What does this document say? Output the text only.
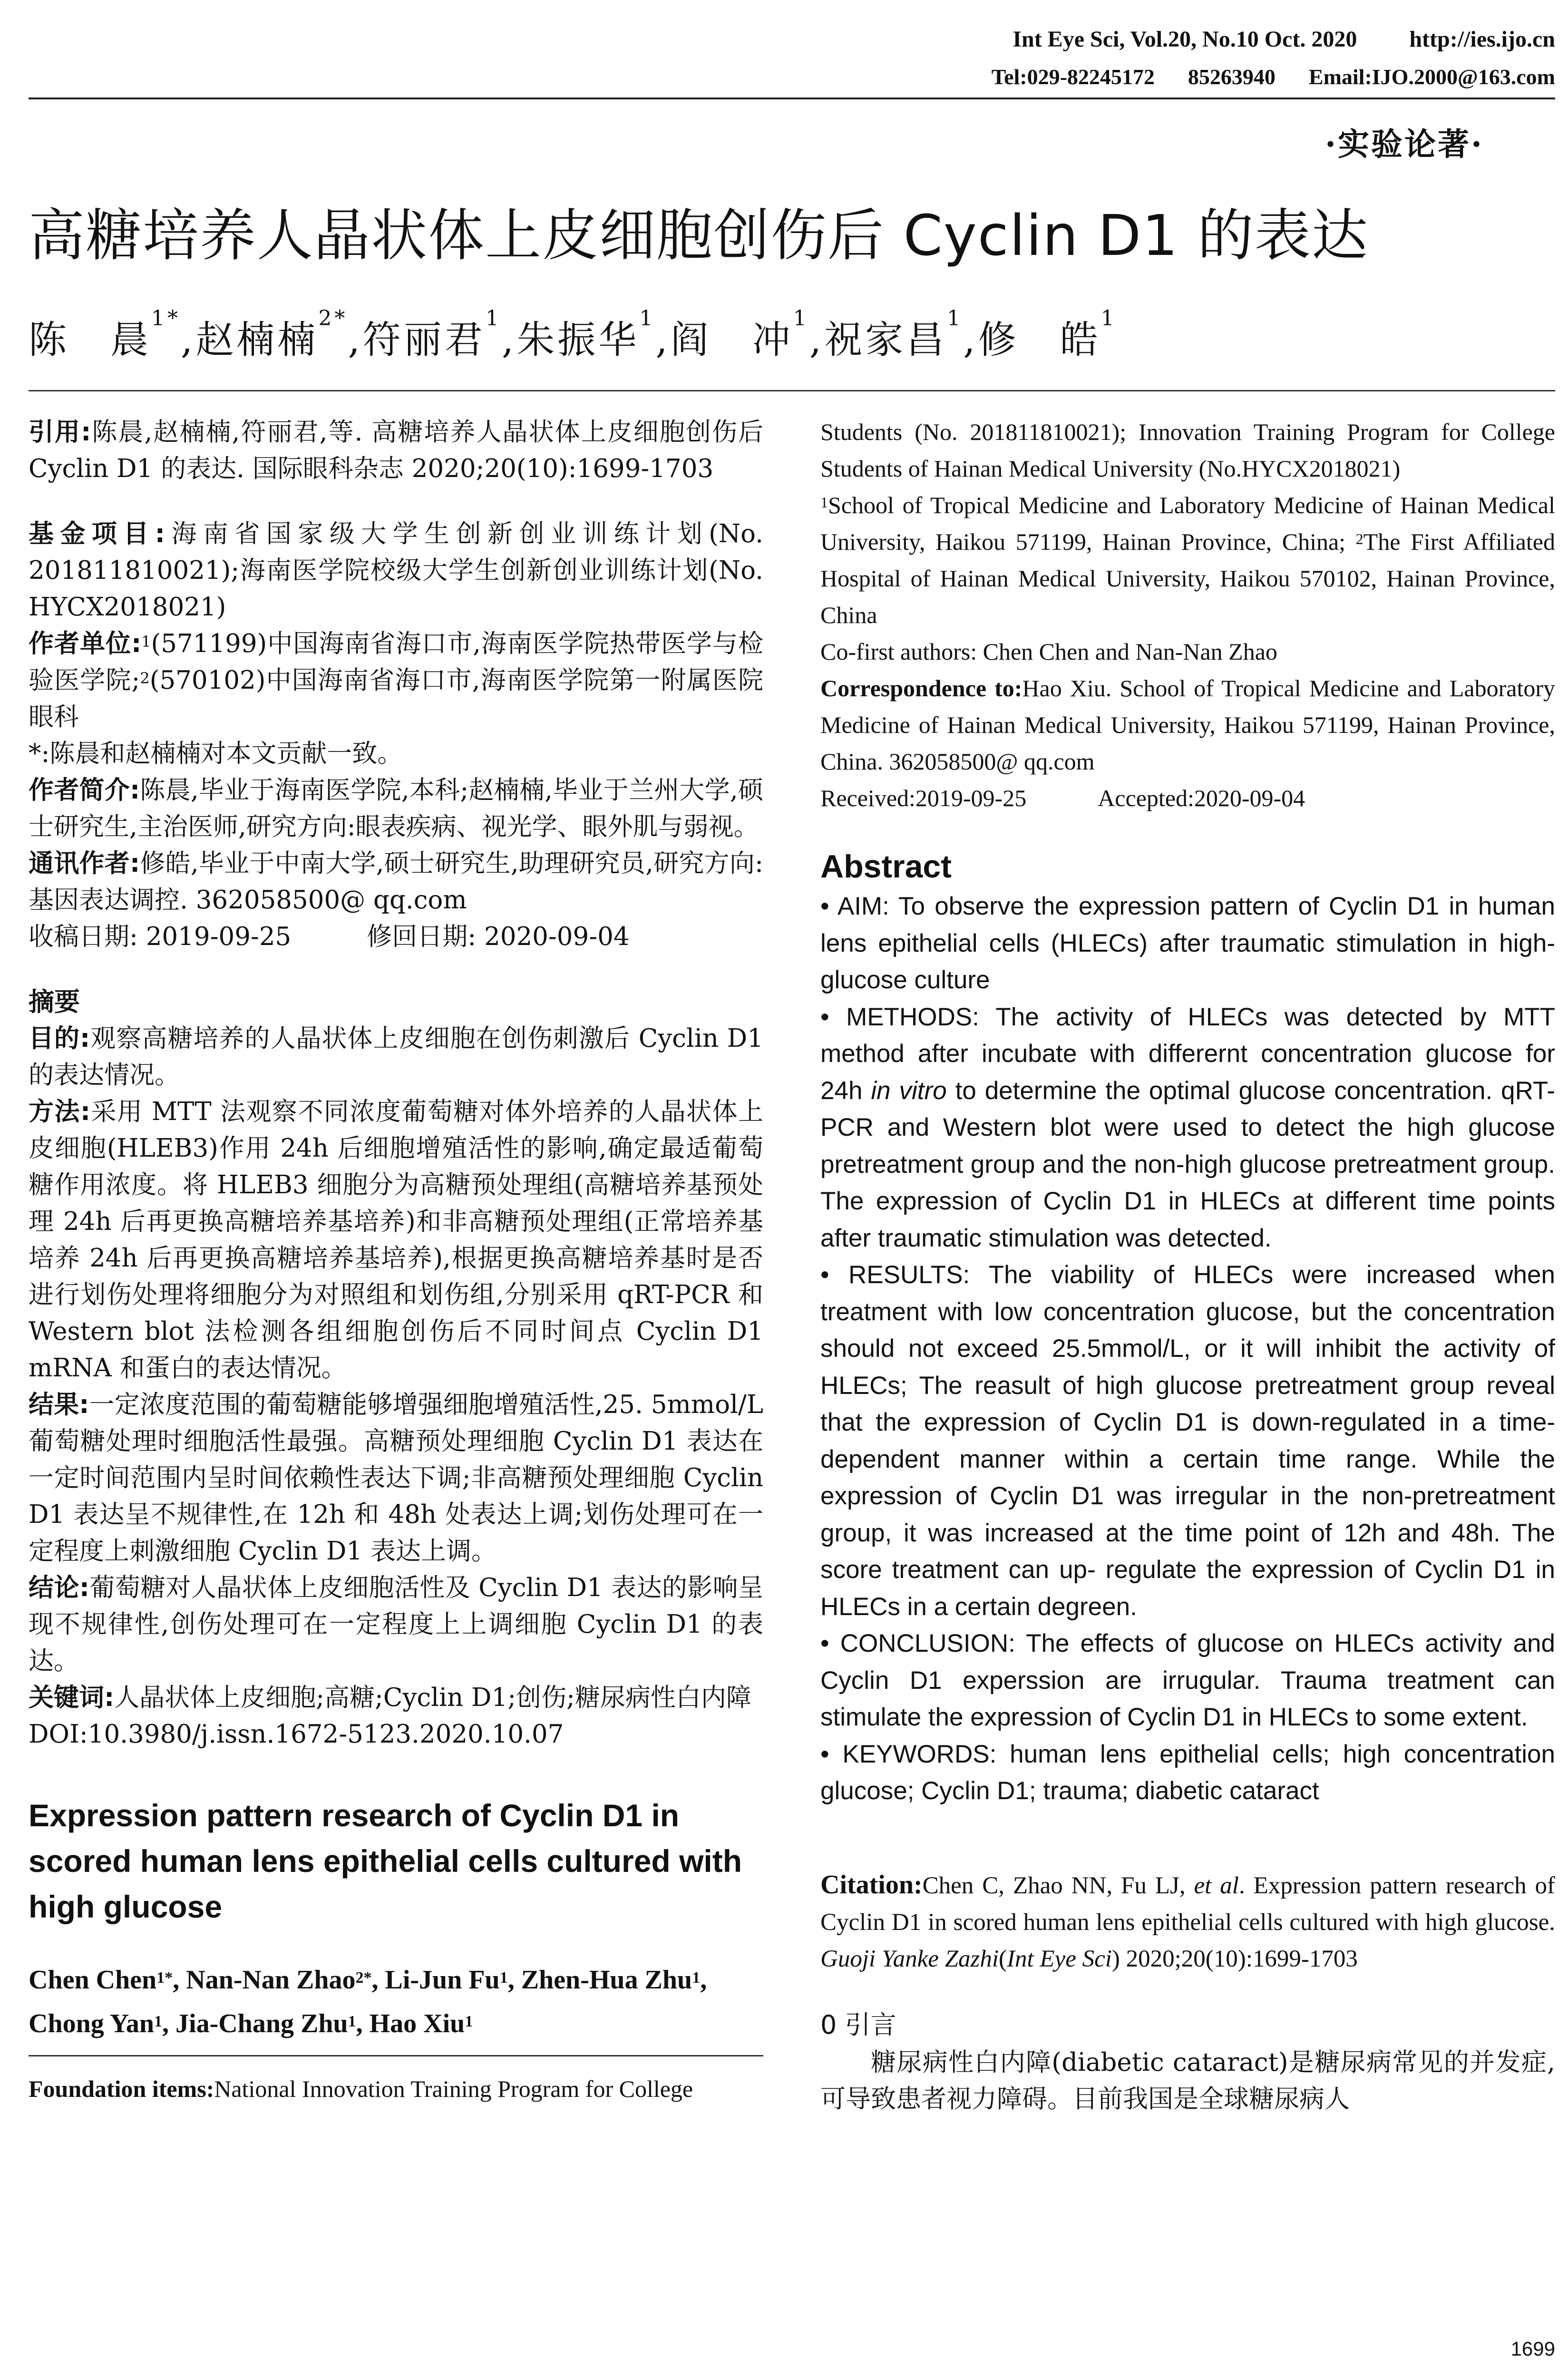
Int Eye Sci, Vol.20, No.10 Oct. 2020 http://ies.ijo.cn
Tel:029-82245172 85263940 Email:IJO.2000@163.com
·实验论著·
高糖培养人晶状体上皮细胞创伤后 Cyclin D1 的表达
陈　晨$^{1*}$,赵楠楠$^{2*}$,符丽君$^1$,朱振华$^1$,阎　冲$^1$,祝家昌$^1$,修　皓$^1$

引用:陈晨,赵楠楠,符丽君,等. 高糖培养人晶状体上皮细胞创伤后 Cyclin D1 的表达. 国际眼科杂志 2020;20(10):1699-1703

基金项目:海南省国家级大学生创新创业训练计划(No. 201811810021);海南医学院校级大学生创新创业训练计划(No. HYCX2018021)

作者单位:$^1$(571199)中国海南省海口市,海南医学院热带医学与检验医学院;$^2$(570102)中国海南省海口市,海南医学院第一附属医院眼科

*:陈晨和赵楠楠对本文贡献一致。

作者简介:陈晨,毕业于海南医学院,本科;赵楠楠,毕业于兰州大学,硕士研究生,主治医师,研究方向:眼表疾病、视光学、眼外肌与弱视。

通讯作者:修皓,毕业于中南大学,硕士研究生,助理研究员,研究方向:基因表达调控. 362058500@ qq.com

收稿日期: 2019-09-25　　　	修回日期: 2020-09-04

摘要

目的:观察高糖培养的人晶状体上皮细胞在创伤刺激后 Cyclin D1 的表达情况。

方法:采用 MTT 法观察不同浓度葡萄糖对体外培养的人晶状体上皮细胞(HLEB3)作用 24h 后细胞增殖活性的影响,确定最适葡萄糖作用浓度。将 HLEB3 细胞分为高糖预处理组(高糖培养基预处理 24h 后再更换高糖培养基培养)和非高糖预处理组(正常培养基培养 24h 后再更换高糖培养基培养),根据更换高糖培养基时是否进行划伤处理将细胞分为对照组和划伤组,分别采用 qRT-PCR 和 Western blot 法检测各组细胞创伤后不同时间点 Cyclin D1 mRNA 和蛋白的表达情况。

结果:一定浓度范围的葡萄糖能够增强细胞增殖活性,25. 5mmol/L 葡萄糖处理时细胞活性最强。高糖预处理细胞 Cyclin D1 表达在一定时间范围内呈时间依赖性表达下调;非高糖预处理细胞 Cyclin D1 表达呈不规律性,在 12h 和 48h 处表达上调;划伤处理可在一定程度上刺激细胞 Cyclin D1 表达上调。

结论:葡萄糖对人晶状体上皮细胞活性及 Cyclin D1 表达的影响呈现不规律性,创伤处理可在一定程度上上调细胞 Cyclin D1 的表达。

关键词:人晶状体上皮细胞;高糖;Cyclin D1;创伤;糖尿病性白内障

DOI:10.3980/j.issn.1672-5123.2020.10.07

Expression pattern research of Cyclin D1 in scored human lens epithelial cells cultured with high glucose

Chen Chen$^{1*}$, Nan-Nan Zhao$^{2*}$, Li-Jun Fu$^1$, Zhen-Hua Zhu$^1$, Chong Yan$^1$, Jia-Chang Zhu$^1$, Hao Xiu$^1$

Foundation items:National Innovation Training Program for College

Students (No. 201811810021); Innovation Training Program for College Students of Hainan Medical University (No.HYCX2018021)

$^1$School of Tropical Medicine and Laboratory Medicine of Hainan Medical University, Haikou 571199, Hainan Province, China; $^2$The First Affiliated Hospital of Hainan Medical University, Haikou 570102, Hainan Province, China

Co-first authors: Chen Chen and Nan-Nan Zhao

Correspondence to:Hao Xiu. School of Tropical Medicine and Laboratory Medicine of Hainan Medical University, Haikou 571199, Hainan Province, China. 362058500@ qq.com

Received:2019-09-25　　　	Accepted:2020-09-04

Abstract

• AIM: To observe the expression pattern of Cyclin D1 in human lens epithelial cells (HLECs) after traumatic stimulation in high-glucose culture

• METHODS: The activity of HLECs was detected by MTT method after incubate with differernt concentration glucose for 24h in vitro to determine the optimal glucose concentration. qRT-PCR and Western blot were used to detect the high glucose pretreatment group and the non-high glucose pretreatment group. The expression of Cyclin D1 in HLECs at different time points after traumatic stimulation was detected.

• RESULTS: The viability of HLECs were increased when treatment with low concentration glucose, but the concentration should not exceed 25.5mmol/L, or it will inhibit the activity of HLECs; The reasult of high glucose pretreatment group reveal that the expression of Cyclin D1 is down-regulated in a time-dependent manner within a certain time range. While the expression of Cyclin D1 was irregular in the non-pretreatment group, it was increased at the time point of 12h and 48h. The score treatment can up- regulate the expression of Cyclin D1 in HLECs in a certain degreen.

• CONCLUSION: The effects of glucose on HLECs activity and Cyclin D1 experssion are irrugular. Trauma treatment can stimulate the expression of Cyclin D1 in HLECs to some extent.

• KEYWORDS: human lens epithelial cells; high concentration glucose; Cyclin D1; trauma; diabetic cataract

Citation:Chen C, Zhao NN, Fu LJ, et al. Expression pattern research of Cyclin D1 in scored human lens epithelial cells cultured with high glucose. Guoji Yanke Zazhi(Int Eye Sci) 2020;20(10):1699-1703

0 引言

糖尿病性白内障(diabetic cataract)是糖尿病常见的并发症,可导致患者视力障碍。目前我国是全球糖尿病人

1699
